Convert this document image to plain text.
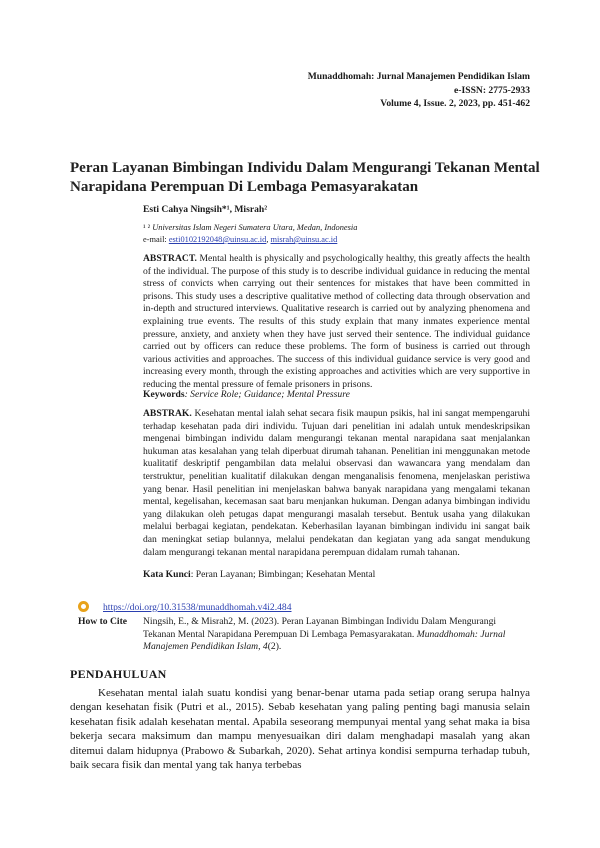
Munaddhomah: Jurnal Manajemen Pendidikan Islam
e-ISSN: 2775-2933
Volume 4, Issue. 2, 2023, pp. 451-462
Peran Layanan Bimbingan Individu Dalam Mengurangi Tekanan Mental Narapidana Perempuan Di Lembaga Pemasyarakatan
Esti Cahya Ningsih*¹, Misrah²
¹ ² Universitas Islam Negeri Sumatera Utara, Medan, Indonesia
e-mail: esti0102192048@uinsu.ac.id, misrah@uinsu.ac.id
ABSTRACT. Mental health is physically and psychologically healthy, this greatly affects the health of the individual. The purpose of this study is to describe individual guidance in reducing the mental stress of convicts when carrying out their sentences for mistakes that have been committed in prisons. This study uses a descriptive qualitative method of collecting data through observation and in-depth and structured interviews. Qualitative research is carried out by analyzing phenomena and explaining true events. The results of this study explain that many inmates experience mental pressure, anxiety, and anxiety when they have just served their sentence. The individual guidance carried out by officers can reduce these problems. The form of business is carried out through various activities and approaches. The success of this individual guidance service is very good and increasing every month, through the existing approaches and activities which are very supportive in reducing the mental pressure of female prisoners in prisons.
Keywords: Service Role; Guidance; Mental Pressure
ABSTRAK. Kesehatan mental ialah sehat secara fisik maupun psikis, hal ini sangat mempengaruhi terhadap kesehatan pada diri individu. Tujuan dari penelitian ini adalah untuk mendeskripsikan mengenai bimbingan individu dalam mengurangi tekanan mental narapidana saat menjalankan hukuman atas kesalahan yang telah diperbuat dirumah tahanan. Penelitian ini menggunakan metode kualitatif deskriptif pengambilan data melalui observasi dan wawancara yang mendalam dan terstruktur, penelitian kualitatif dilakukan dengan menganalisis fenomena, menjelaskan peristiwa yang benar. Hasil penelitian ini menjelaskan bahwa banyak narapidana yang mengalami tekanan mental, kegelisahan, kecemasan saat baru menjankan hukuman. Dengan adanya bimbingan individu yang dilakukan oleh petugas dapat mengurangi masalah tersebut. Bentuk usaha yang dilakukan melalui berbagai kegiatan, pendekatan. Keberhasilan layanan bimbingan individu ini sangat baik dan meningkat setiap bulannya, melalui pendekatan dan kegiatan yang ada sangat mendukung dalam mengurangi tekanan mental narapidana perempuan didalam rumah tahanan.
Kata Kunci: Peran Layanan; Bimbingan; Kesehatan Mental
https://doi.org/10.31538/munaddhomah.v4i2.484
How to Cite Ningsih, E., & Misrah2, M. (2023). Peran Layanan Bimbingan Individu Dalam Mengurangi Tekanan Mental Narapidana Perempuan Di Lembaga Pemasyarakatan. Munaddhomah: Jurnal Manajemen Pendidikan Islam, 4(2).
PENDAHULUAN
Kesehatan mental ialah suatu kondisi yang benar-benar utama pada setiap orang serupa halnya dengan kesehatan fisik (Putri et al., 2015). Sebab kesehatan yang paling penting bagi manusia selain kesehatan fisik adalah kesehatan mental. Apabila seseorang mempunyai mental yang sehat maka ia bisa bekerja secara maksimum dan mampu menyesuaikan diri dalam menghadapi masalah yang akan ditemui dalam hidupnya (Prabowo & Subarkah, 2020). Sehat artinya kondisi sempurna terhadap tubuh, baik secara fisik dan mental yang tak hanya terbebas
